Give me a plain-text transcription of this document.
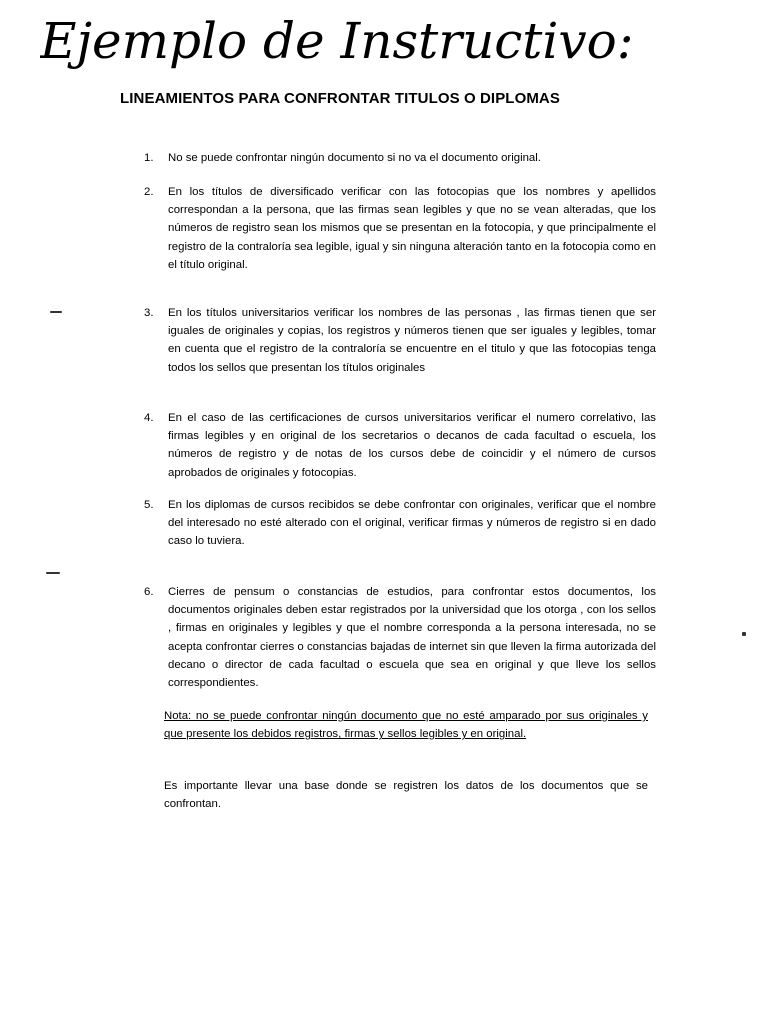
Ejemplo de Instructivo:
LINEAMIENTOS PARA CONFRONTAR TITULOS O DIPLOMAS
1.	No se puede confrontar ningún documento si no va el documento original.
2.	En los títulos de diversificado verificar con las fotocopias que los nombres y apellidos correspondan a la persona, que las firmas sean legibles y que no se vean alteradas, que los números de registro sean los mismos que se presentan en la fotocopia, y que principalmente el registro de la contraloría sea legible, igual y sin ninguna alteración tanto en la fotocopia como en el título original.
3.	En los títulos universitarios verificar los nombres de las personas , las firmas tienen que ser iguales de originales y copias, los registros y números tienen que ser iguales y legibles, tomar en cuenta que el registro de la contraloría se encuentre en el titulo y que las fotocopias tenga todos los sellos que presentan los títulos originales
4.	En el caso de las certificaciones de cursos universitarios verificar el numero correlativo, las firmas legibles y en original de los secretarios o decanos de cada facultad o escuela, los números de registro y de notas de los cursos debe de coincidir y el número de cursos aprobados de originales y fotocopias.
5.	En los diplomas de cursos recibidos se debe confrontar con originales, verificar que el nombre del interesado no esté alterado con el original, verificar firmas y números de registro si en dado caso lo tuviera.
6.	Cierres de pensum o constancias de estudios, para confrontar estos documentos, los documentos originales deben estar registrados por la universidad que los otorga , con los sellos , firmas en originales y legibles y que el nombre corresponda a la persona interesada, no se acepta confrontar cierres o constancias bajadas de internet sin que lleven la firma autorizada del decano o director de cada facultad o escuela que sea en original y que lleve los sellos correspondientes.
Nota: no se puede confrontar ningún documento que no esté amparado por sus originales y que presente los debidos registros, firmas y sellos legibles y en original.
Es importante llevar una base donde se registren los datos de los documentos que se confrontan.
